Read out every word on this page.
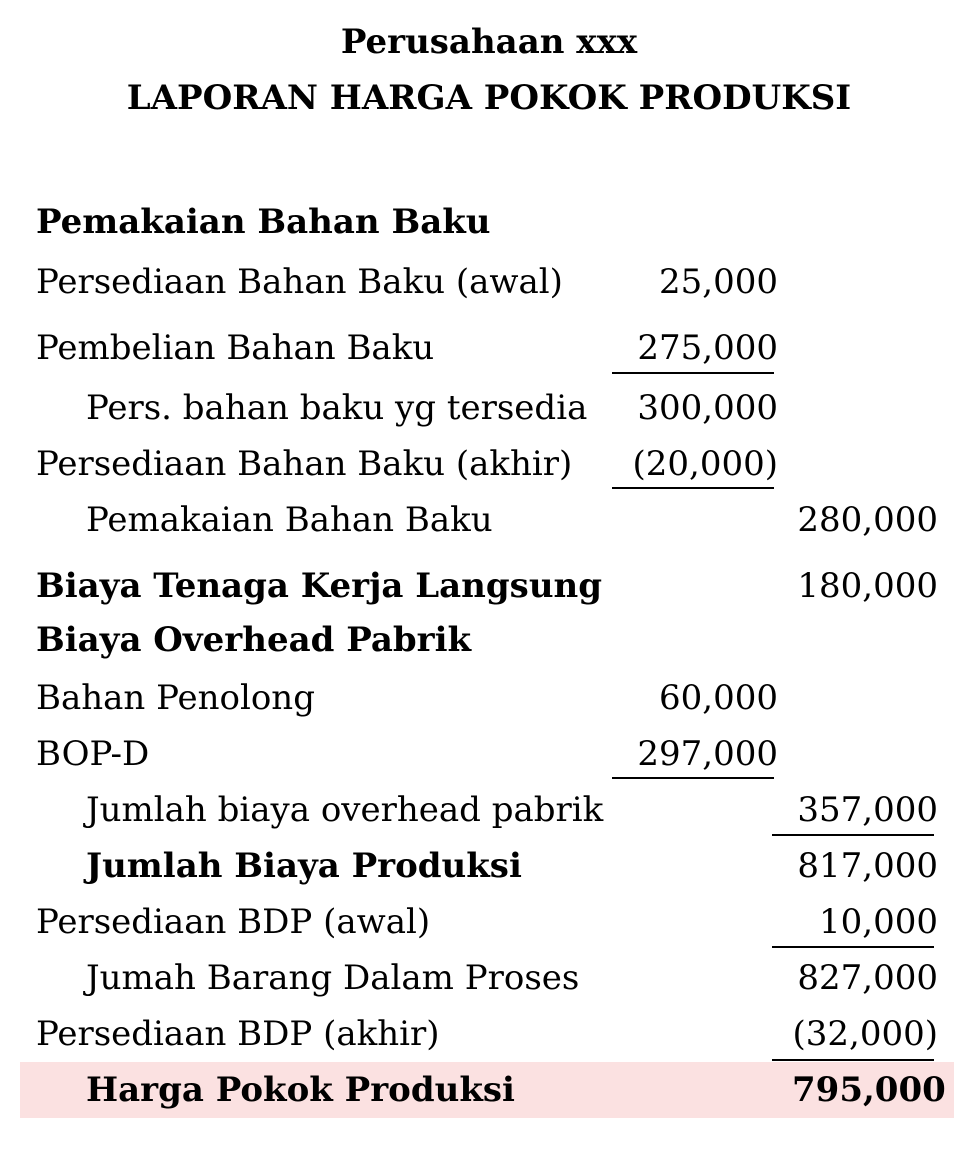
Perusahaan xxx
LAPORAN HARGA POKOK PRODUKSI
Pemakaian Bahan Baku
Persediaan Bahan Baku (awal)	25,000
Pembelian Bahan Baku	275,000
Pers. bahan baku yg tersedia 300,000
Persediaan Bahan Baku (akhir) (20,000)
Pemakaian Bahan Baku	280,000
Biaya Tenaga Kerja Langsung	180,000
Biaya Overhead Pabrik
Bahan Penolong	60,000
BOP-D	297,000
Jumlah biaya overhead pabrik	357,000
Jumlah Biaya Produksi	817,000
Persediaan BDP (awal)	10,000
Jumah Barang Dalam Proses	827,000
Persediaan BDP (akhir)	(32,000)
Harga Pokok Produksi	795,000
